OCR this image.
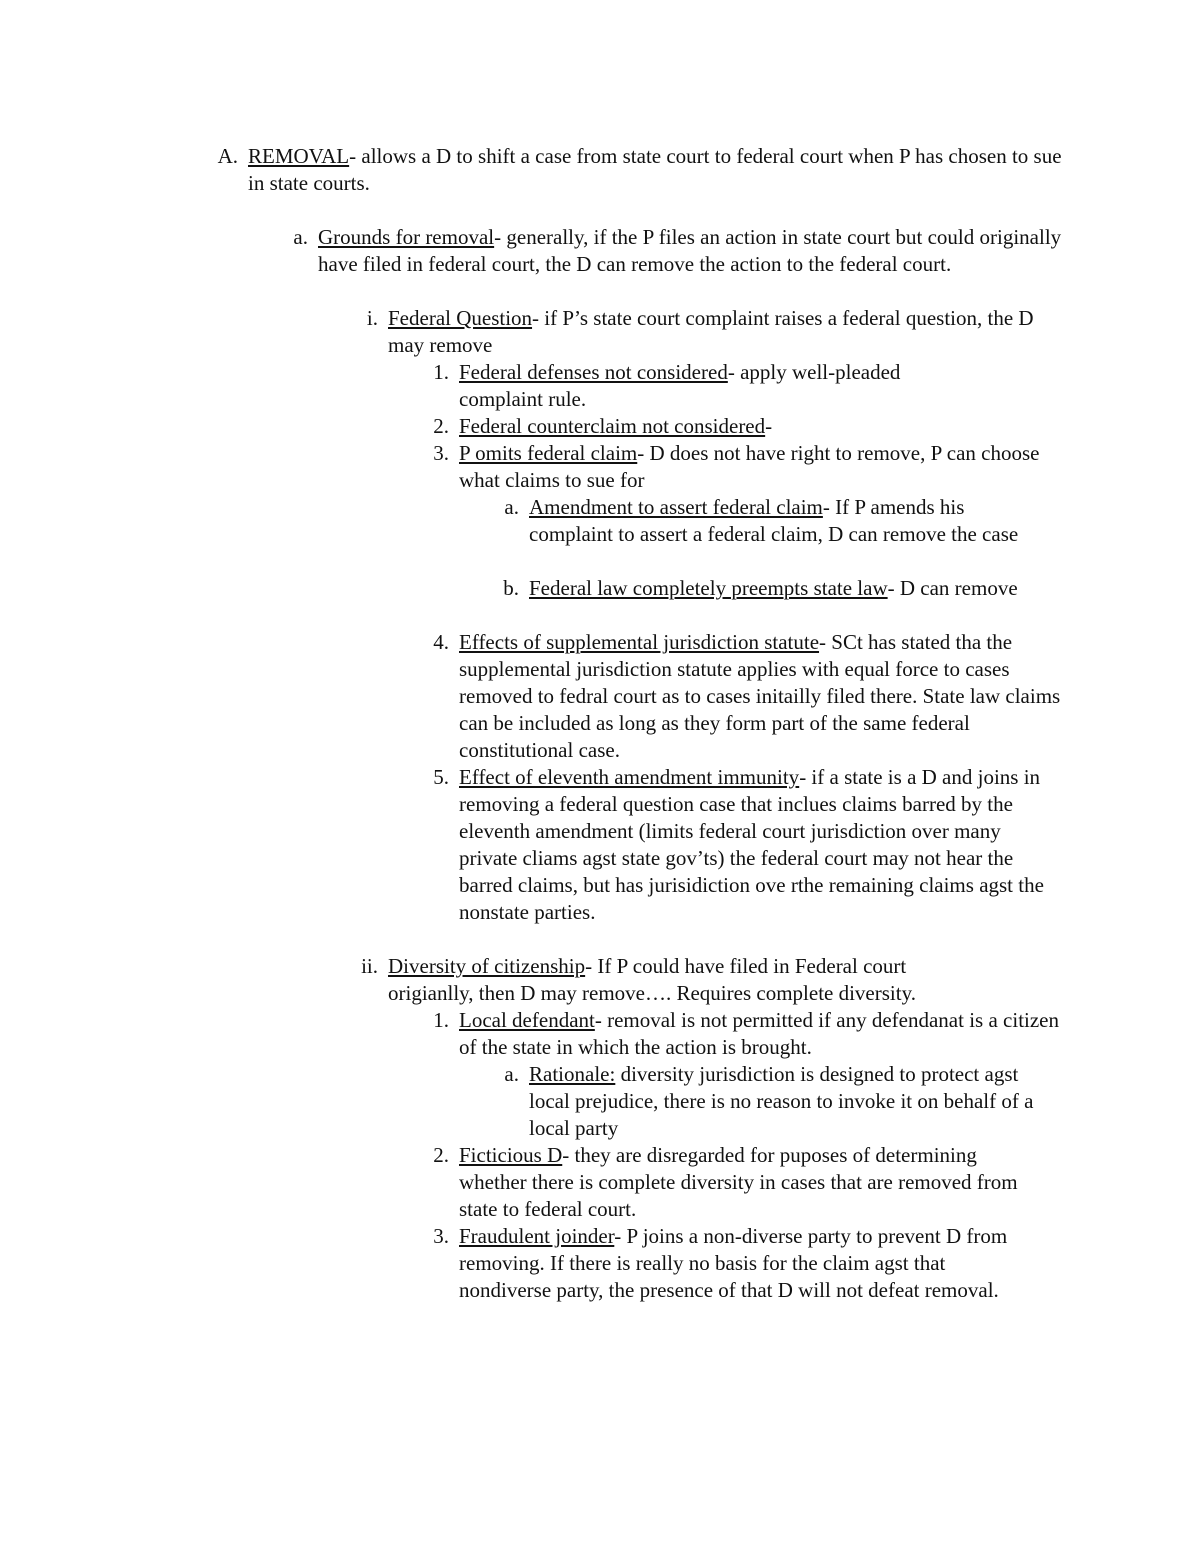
A. REMOVAL- allows a D to shift a case from state court to federal court when P has chosen to sue in state courts.
a. Grounds for removal- generally, if the P files an action in state court but could originally have filed in federal court, the D can remove the action to the federal court.
i. Federal Question- if P’s state court complaint raises a federal question, the D may remove
1. Federal defenses not considered- apply well-pleaded complaint rule.
2. Federal counterclaim not considered-
3. P omits federal claim- D does not have right to remove, P can choose what claims to sue for
a. Amendment to assert federal claim- If P amends his complaint to assert a federal claim, D can remove the case
b. Federal law completely preempts state law- D can remove
4. Effects of supplemental jurisdiction statute- SCt has stated tha the supplemental jurisdiction statute applies with equal force to cases removed to fedral court as to cases initailly filed there. State law claims can be included as long as they form part of the same federal constitutional case.
5. Effect of eleventh amendment immunity- if a state is a D and joins in removing a federal question case that inclues claims barred by the eleventh amendment (limits federal court jurisdiction over many private cliams agst state gov’ts) the federal court may not hear the barred claims, but has jurisidiction ove rthe remaining claims agst the nonstate parties.
ii. Diversity of citizenship- If P could have filed in Federal court origianlly, then D may remove…. Requires complete diversity.
1. Local defendant- removal is not permitted if any defendanat is a citizen of the state in which the action is brought.
a. Rationale: diversity jurisdiction is designed to protect agst local prejudice, there is no reason to invoke it on behalf of a local party
2. Ficticious D- they are disregarded for puposes of determining whether there is complete diversity in cases that are removed from state to federal court.
3. Fraudulent joinder- P joins a non-diverse party to prevent D from removing. If there is really no basis for the claim agst that nondiverse party, the presence of that D will not defeat removal.
